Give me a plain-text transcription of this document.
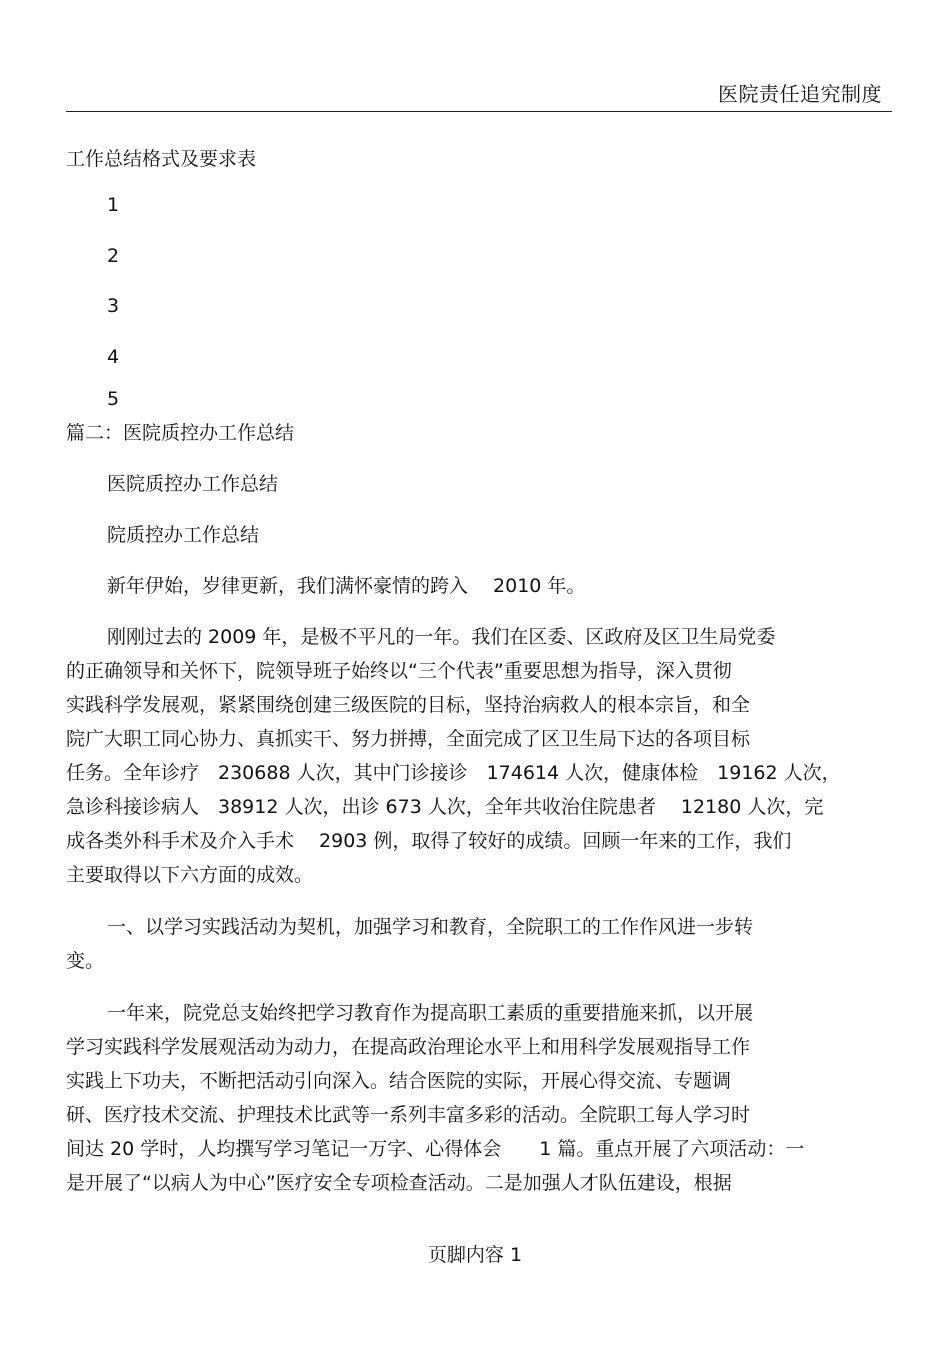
医院责任追究制度
工作总结格式及要求表
1
2
3
4
5
篇二：医院质控办工作总结
医院质控办工作总结
院质控办工作总结
新年伊始，岁律更新，我们满怀豪情的跨入　 2010 年。
刚刚过去的 2009 年，是极不平凡的一年。我们在区委、区政府及区卫生局党委
的正确领导和关怀下，院领导班子始终以“三个代表”重要思想为指导，深入贯彻
实践科学发展观，紧紧围绕创建三级医院的目标，坚持治病救人的根本宗旨，和全
院广大职工同心协力、真抓实干、努力拼搏，全面完成了区卫生局下达的各项目标
任务。全年诊疗　230688 人次，其中门诊接诊　174614 人次，健康体检　19162 人次，
急诊科接诊病人　38912 人次，出诊 673 人次，全年共收治住院患者　 12180 人次，完
成各类外科手术及介入手术　 2903 例，取得了较好的成绩。回顾一年来的工作，我们
主要取得以下六方面的成效。
一、以学习实践活动为契机，加强学习和教育，全院职工的工作作风进一步转
变。
一年来，院党总支始终把学习教育作为提高职工素质的重要措施来抓，以开展
学习实践科学发展观活动为动力，在提高政治理论水平上和用科学发展观指导工作
实践上下功夫，不断把活动引向深入。结合医院的实际，开展心得交流、专题调
研、医疗技术交流、护理技术比武等一系列丰富多彩的活动。全院职工每人学习时
间达 20 学时，人均撰写学习笔记一万字、心得体会　　1 篇。重点开展了六项活动：一
是开展了“以病人为中心”医疗安全专项检查活动。二是加强人才队伍建设，根据
页脚内容 1
